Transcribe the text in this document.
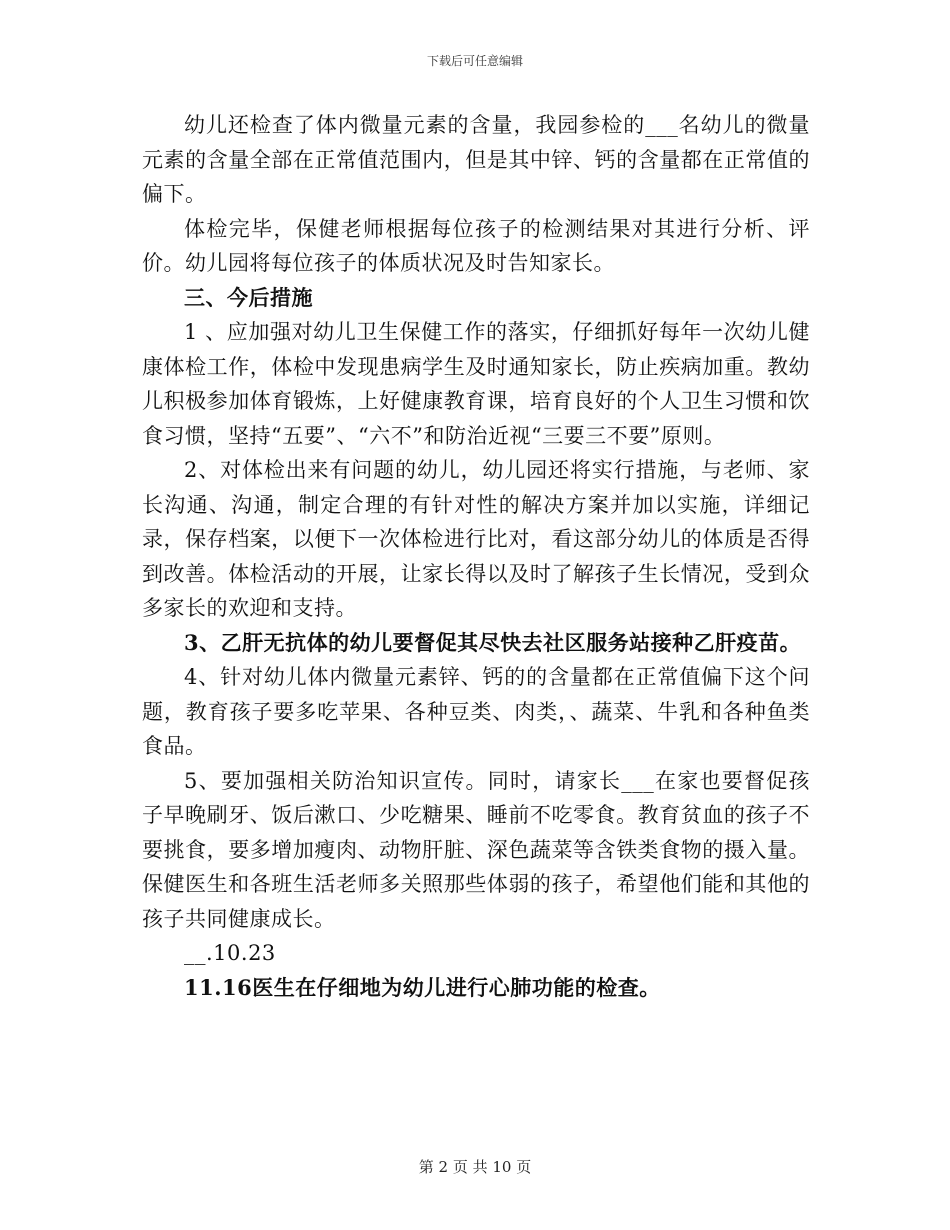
下载后可任意编辑

幼儿还检查了体内微量元素的含量，我园参检的___名幼儿的微量元素的含量全部在正常值范围内，但是其中锌、钙的含量都在正常值的偏下。

体检完毕，保健老师根据每位孩子的检测结果对其进行分析、评价。幼儿园将每位孩子的体质状况及时告知家长。

三、今后措施

1 、应加强对幼儿卫生保健工作的落实，仔细抓好每年一次幼儿健康体检工作，体检中发现患病学生及时通知家长，防止疾病加重。教幼儿积极参加体育锻炼，上好健康教育课，培育良好的个人卫生习惯和饮食习惯，坚持“五要”、“六不”和防治近视“三要三不要”原则。

2、对体检出来有问题的幼儿，幼儿园还将实行措施，与老师、家长沟通、沟通，制定合理的有针对性的解决方案并加以实施，详细记录，保存档案，以便下一次体检进行比对，看这部分幼儿的体质是否得到改善。体检活动的开展，让家长得以及时了解孩子生长情况，受到众多家长的欢迎和支持。

3、乙肝无抗体的幼儿要督促其尽快去社区服务站接种乙肝疫苗。

4、针对幼儿体内微量元素锌、钙的的含量都在正常值偏下这个问题，教育孩子要多吃苹果、各种豆类、肉类，、蔬菜、牛乳和各种鱼类食品。

5、要加强相关防治知识宣传。同时，请家长___在家也要督促孩子早晚刷牙、饭后漱口、少吃糖果、睡前不吃零食。教育贫血的孩子不要挑食，要多增加瘦肉、动物肝脏、深色蔬菜等含铁类食物的摄入量。保健医生和各班生活老师多关照那些体弱的孩子，希望他们能和其他的孩子共同健康成长。

__.10.23

11.16医生在仔细地为幼儿进行心肺功能的检查。

第 2 页 共 10 页
